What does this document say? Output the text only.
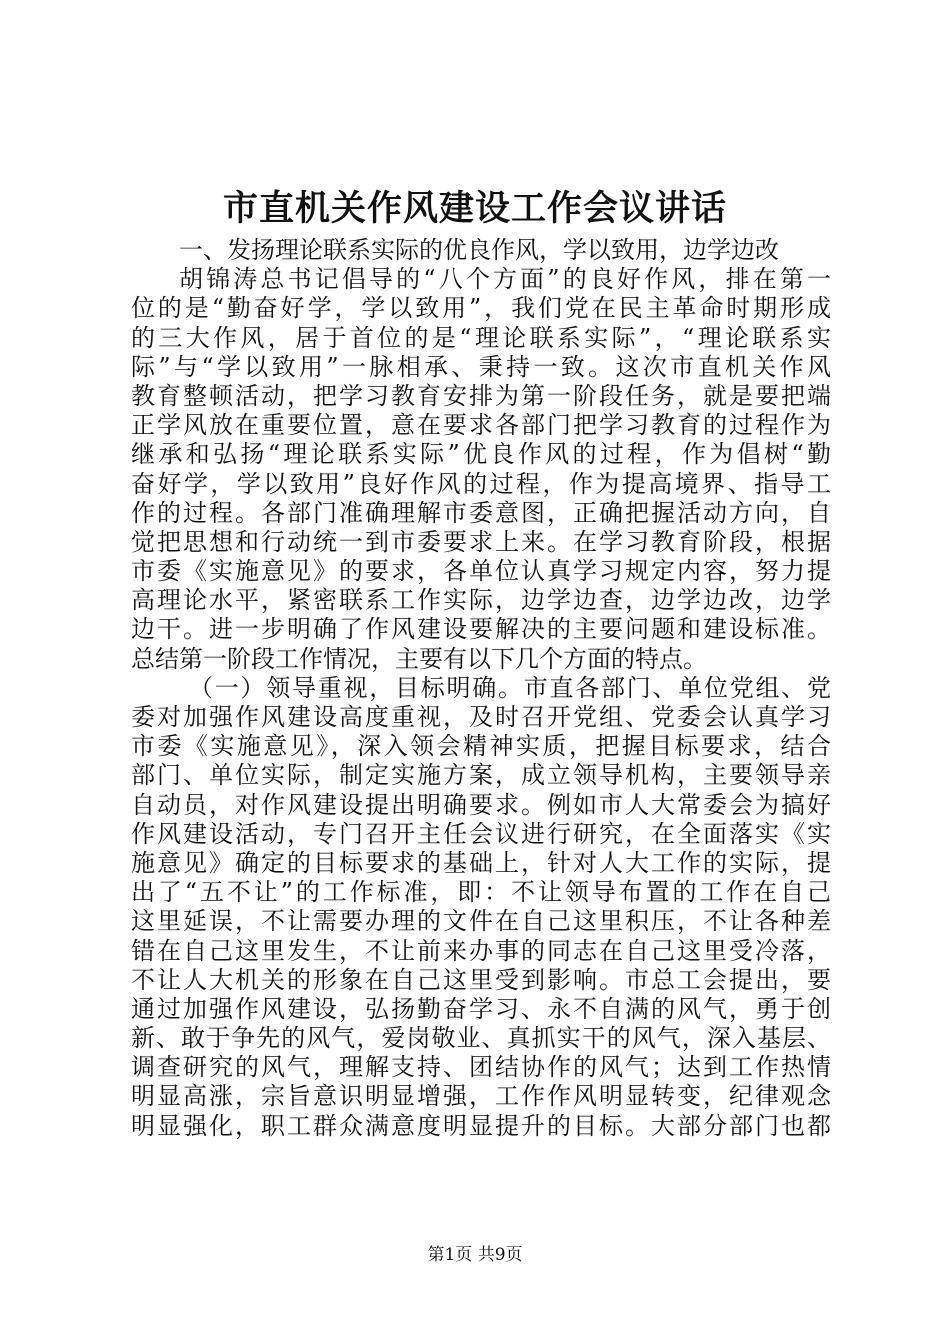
市直机关作风建设工作会议讲话
一、发扬理论联系实际的优良作风，学以致用，边学边改
胡锦涛总书记倡导的“八个方面”的良好作风，排在第一
位的是“勤奋好学，学以致用”，我们党在民主革命时期形成
的三大作风，居于首位的是“理论联系实际”，“理论联系实
际”与“学以致用”一脉相承、秉持一致。这次市直机关作风
教育整顿活动，把学习教育安排为第一阶段任务，就是要把端
正学风放在重要位置，意在要求各部门把学习教育的过程作为
继承和弘扬“理论联系实际”优良作风的过程，作为倡树“勤
奋好学，学以致用”良好作风的过程，作为提高境界、指导工
作的过程。各部门准确理解市委意图，正确把握活动方向，自
觉把思想和行动统一到市委要求上来。在学习教育阶段，根据
市委《实施意见》的要求，各单位认真学习规定内容，努力提
高理论水平，紧密联系工作实际，边学边查，边学边改，边学
边干。进一步明确了作风建设要解决的主要问题和建设标准。
总结第一阶段工作情况，主要有以下几个方面的特点。
（一）领导重视，目标明确。市直各部门、单位党组、党
委对加强作风建设高度重视，及时召开党组、党委会认真学习
市委《实施意见》，深入领会精神实质，把握目标要求，结合
部门、单位实际，制定实施方案，成立领导机构，主要领导亲
自动员，对作风建设提出明确要求。例如市人大常委会为搞好
作风建设活动，专门召开主任会议进行研究，在全面落实《实
施意见》确定的目标要求的基础上，针对人大工作的实际，提
出了“五不让”的工作标准，即：不让领导布置的工作在自己
这里延误，不让需要办理的文件在自己这里积压，不让各种差
错在自己这里发生，不让前来办事的同志在自己这里受冷落，
不让人大机关的形象在自己这里受到影响。市总工会提出，要
通过加强作风建设，弘扬勤奋学习、永不自满的风气，勇于创
新、敢于争先的风气，爱岗敬业、真抓实干的风气，深入基层、
调查研究的风气，理解支持、团结协作的风气；达到工作热情
明显高涨，宗旨意识明显增强，工作作风明显转变，纪律观念
明显强化，职工群众满意度明显提升的目标。大部分部门也都
第1页 共9页
